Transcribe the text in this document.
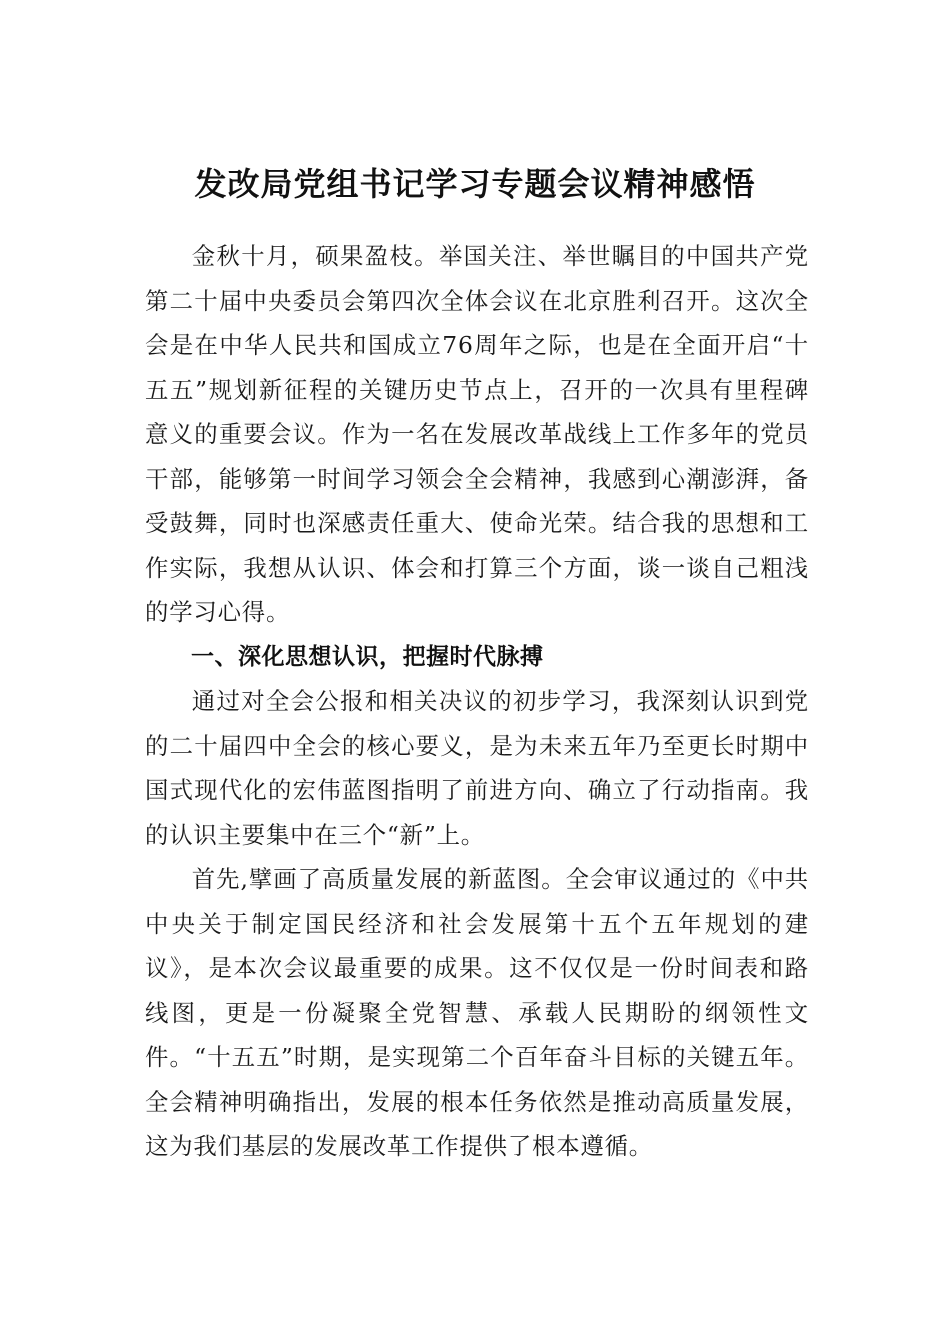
发改局党组书记学习专题会议精神感悟

金秋十月，硕果盈枝。举国关注、举世瞩目的中国共产党第二十届中央委员会第四次全体会议在北京胜利召开。这次全会是在中华人民共和国成立76周年之际，也是在全面开启“十五五”规划新征程的关键历史节点上，召开的一次具有里程碑意义的重要会议。作为一名在发展改革战线上工作多年的党员干部，能够第一时间学习领会全会精神，我感到心潮澎湃，备受鼓舞，同时也深感责任重大、使命光荣。结合我的思想和工作实际，我想从认识、体会和打算三个方面，谈一谈自己粗浅的学习心得。

一、深化思想认识，把握时代脉搏

通过对全会公报和相关决议的初步学习，我深刻认识到党的二十届四中全会的核心要义，是为未来五年乃至更长时期中国式现代化的宏伟蓝图指明了前进方向、确立了行动指南。我的认识主要集中在三个“新”上。

首先,擘画了高质量发展的新蓝图。全会审议通过的《中共中央关于制定国民经济和社会发展第十五个五年规划的建议》，是本次会议最重要的成果。这不仅仅是一份时间表和路线图，更是一份凝聚全党智慧、承载人民期盼的纲领性文件。“十五五”时期，是实现第二个百年奋斗目标的关键五年。全会精神明确指出，发展的根本任务依然是推动高质量发展，这为我们基层的发展改革工作提供了根本遵循。
